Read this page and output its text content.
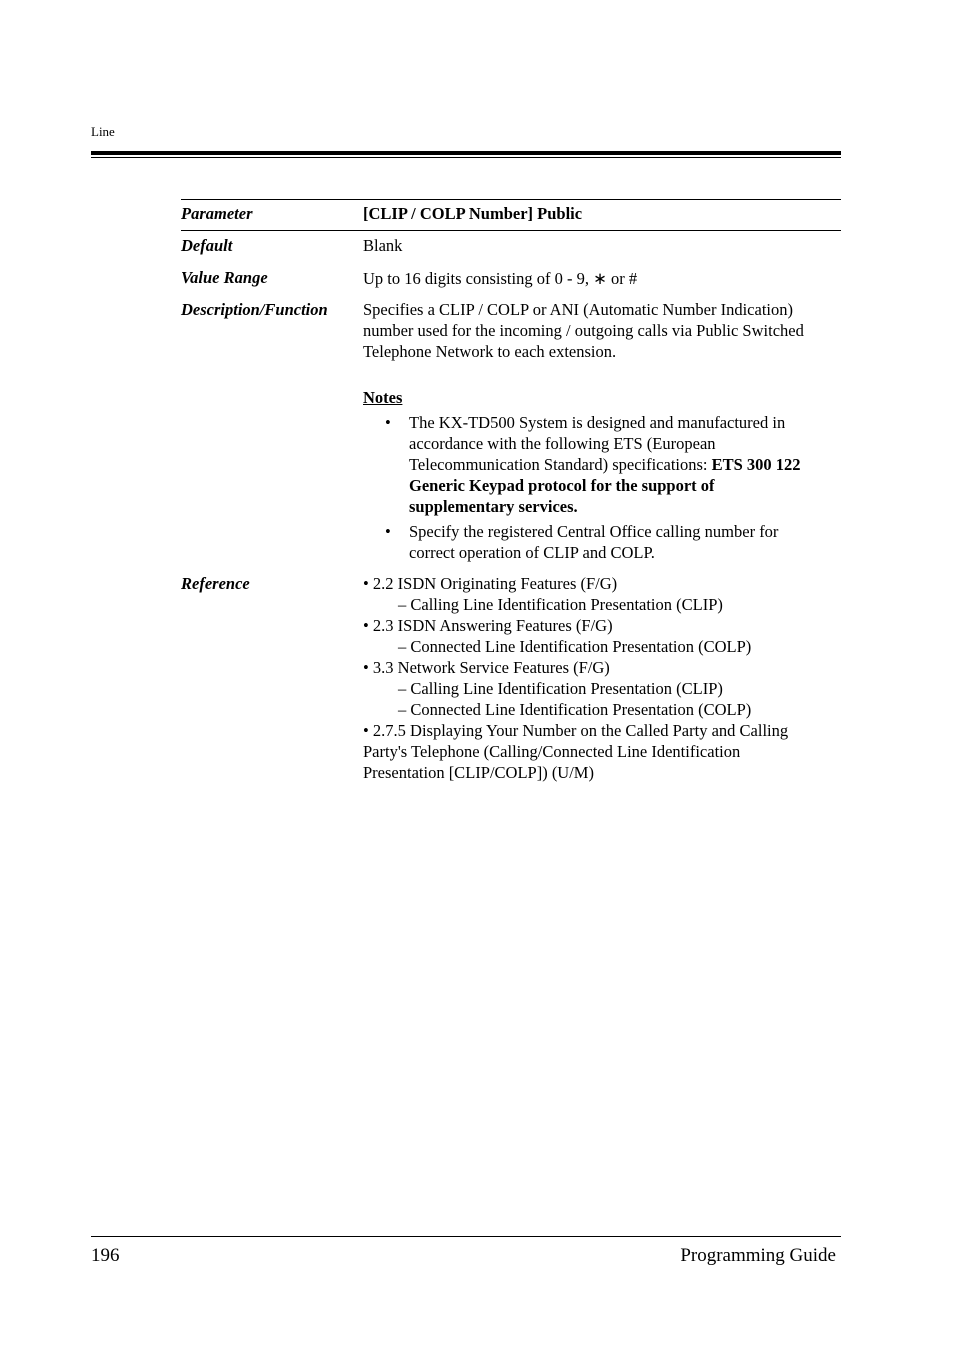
Line
Parameter	[CLIP / COLP Number] Public
Default	Blank
Value Range	Up to 16 digits consisting of 0 - 9, ∗ or #
Description/Function Specifies a CLIP / COLP or ANI (Automatic Number Indication)
number used for the incoming / outgoing calls via Public Switched
Telephone Network to each extension.
Notes
• The KX-TD500 System is designed and manufactured in
accordance with the following ETS (European
Telecommunication Standard) specifications: ETS 300 122
Generic Keypad protocol for the support of
supplementary services.
• Specify the registered Central Office calling number for
correct operation of CLIP and COLP.
Reference	• 2.2 ISDN Originating Features (F/G)
– Calling Line Identification Presentation (CLIP)
• 2.3 ISDN Answering Features (F/G)
– Connected Line Identification Presentation (COLP)
• 3.3 Network Service Features (F/G)
– Calling Line Identification Presentation (CLIP)
– Connected Line Identification Presentation (COLP)
• 2.7.5 Displaying Your Number on the Called Party and Calling
Party's Telephone (Calling/Connected Line Identification
Presentation [CLIP/COLP]) (U/M)
196	Programming Guide
